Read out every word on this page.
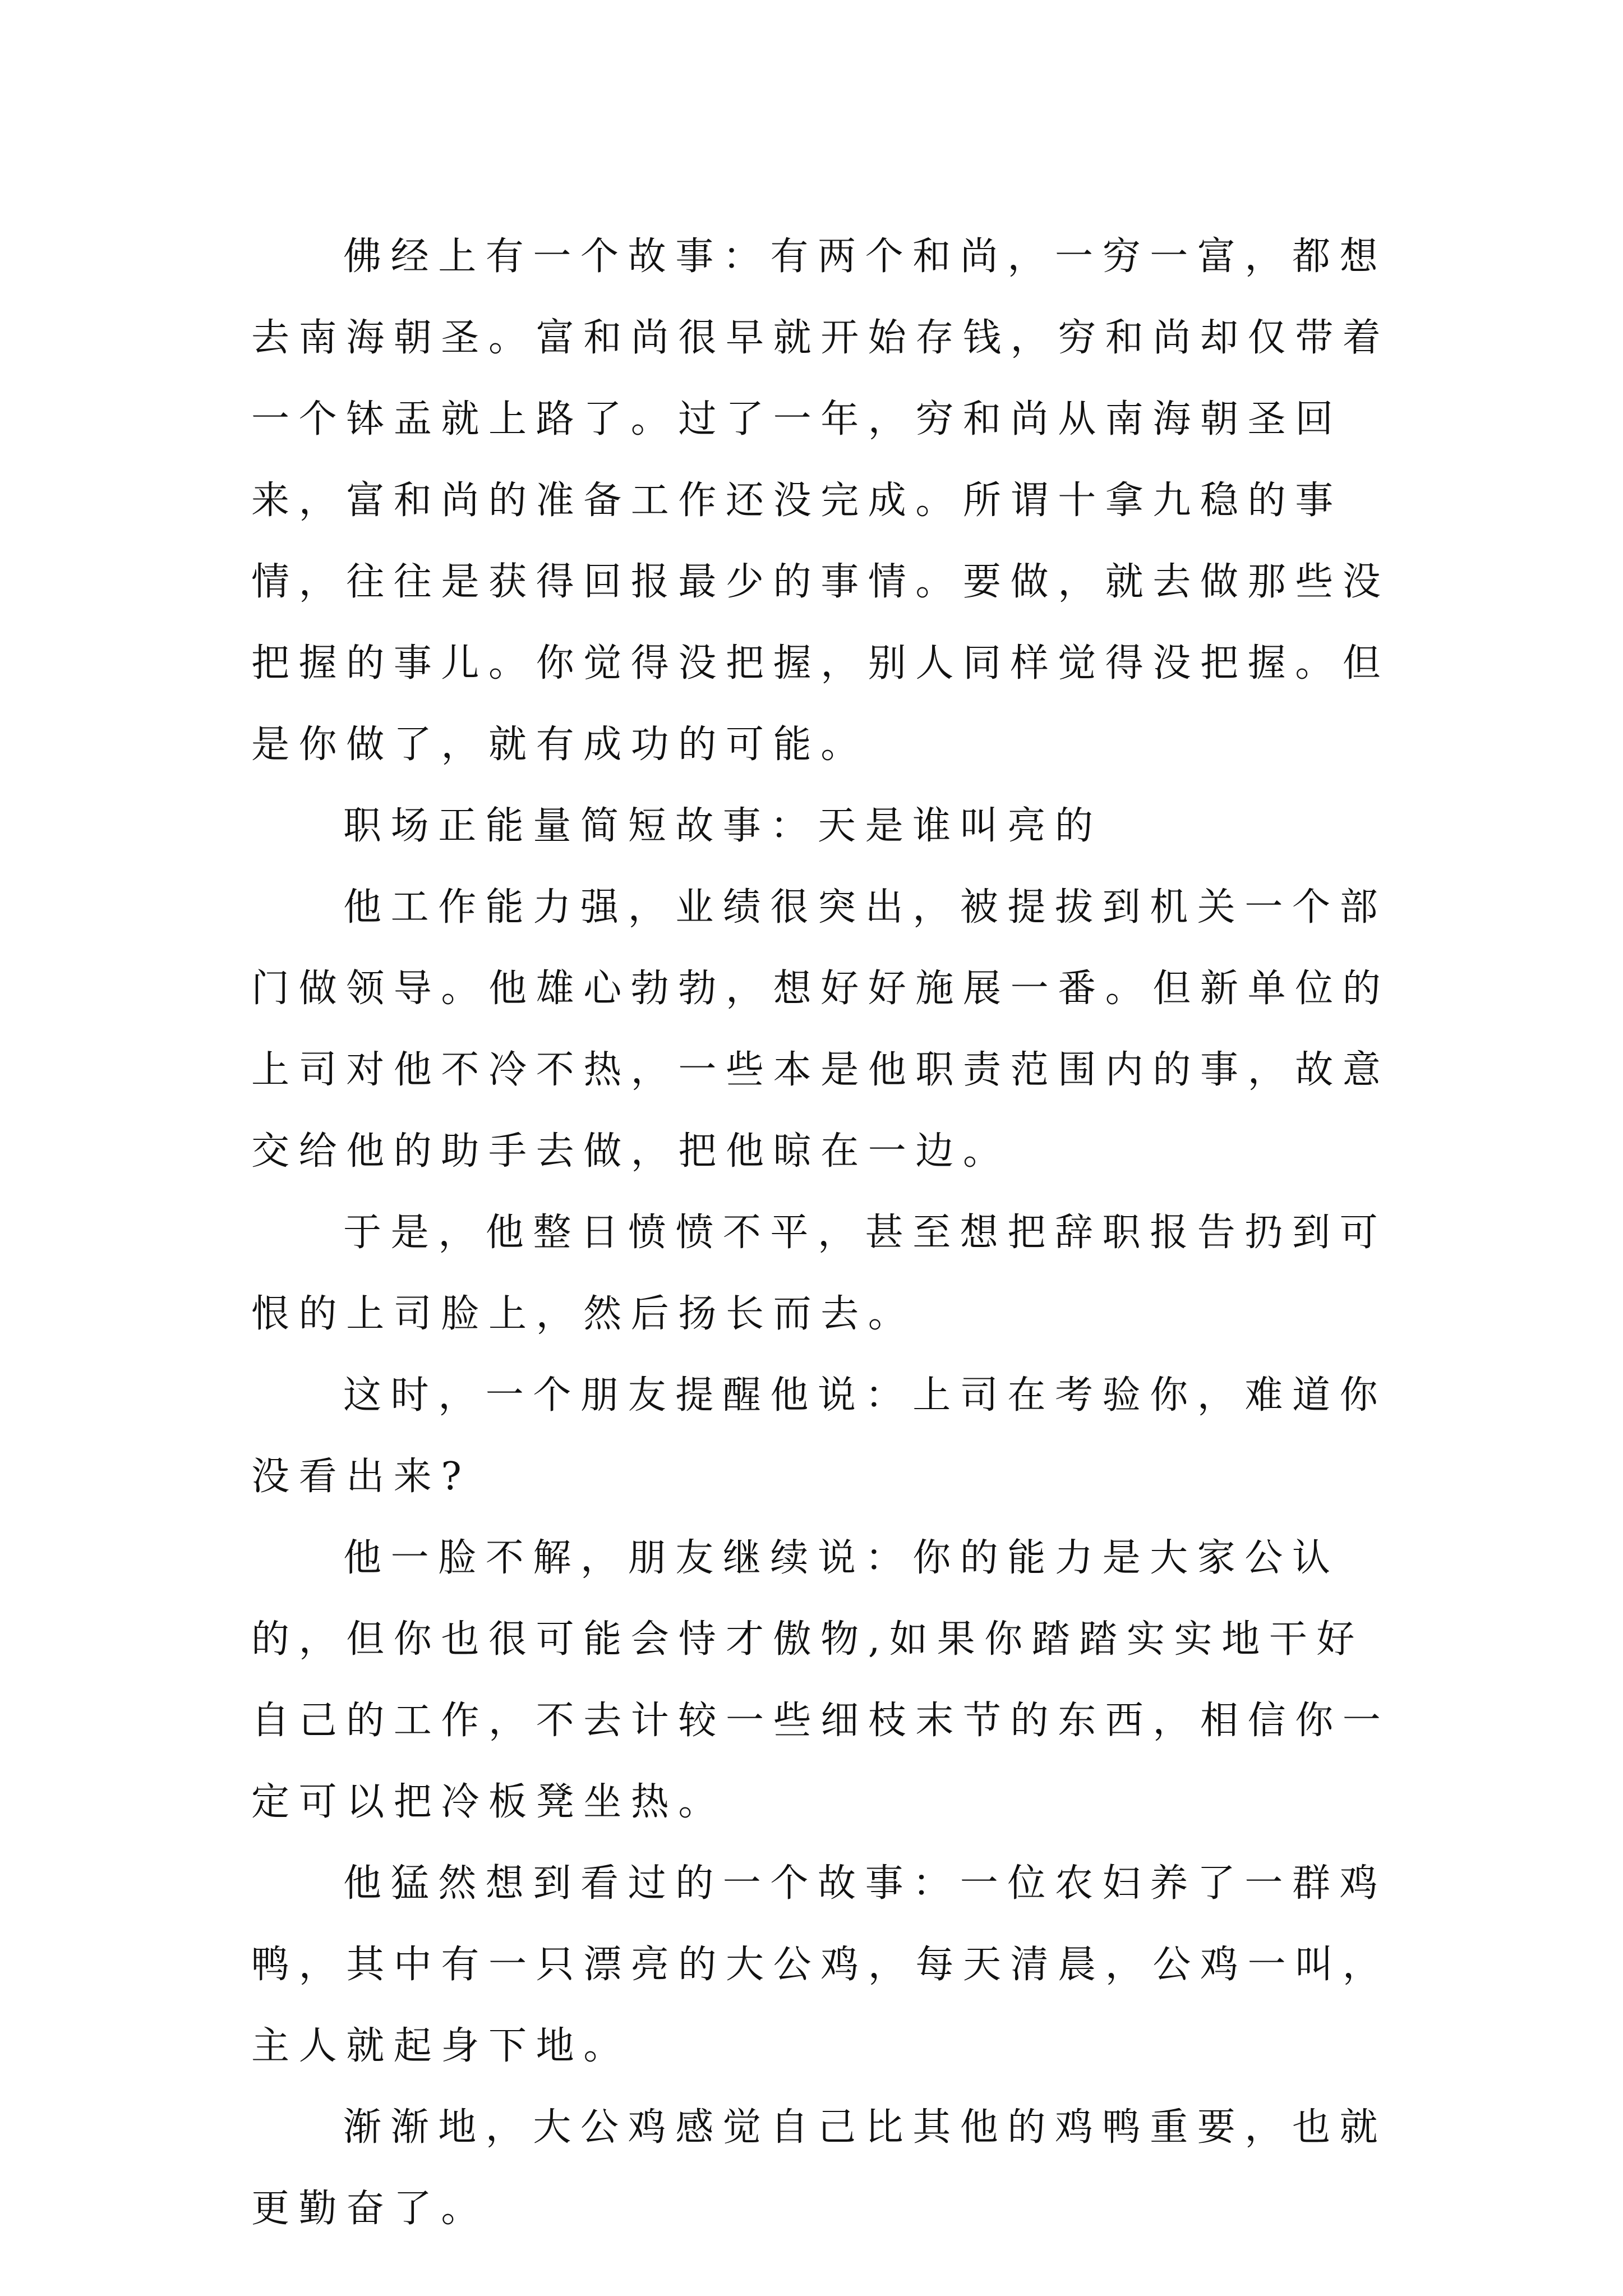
佛经上有一个故事：有两个和尚，一穷一富，都想去南海朝圣。富和尚很早就开始存钱，穷和尚却仅带着一个钵盂就上路了。过了一年，穷和尚从南海朝圣回来，富和尚的准备工作还没完成。所谓十拿九稳的事情，往往是获得回报最少的事情。要做，就去做那些没把握的事儿。你觉得没把握，别人同样觉得没把握。但是你做了，就有成功的可能。

职场正能量简短故事：天是谁叫亮的

他工作能力强，业绩很突出，被提拔到机关一个部门做领导。他雄心勃勃，想好好施展一番。但新单位的上司对他不冷不热，一些本是他职责范围内的事，故意交给他的助手去做，把他晾在一边。

于是，他整日愤愤不平，甚至想把辞职报告扔到可恨的上司脸上，然后扬长而去。

这时，一个朋友提醒他说：上司在考验你，难道你没看出来?

他一脸不解，朋友继续说：你的能力是大家公认的，但你也很可能会恃才傲物,如果你踏踏实实地干好自己的工作，不去计较一些细枝末节的东西，相信你一定可以把冷板凳坐热。

他猛然想到看过的一个故事：一位农妇养了一群鸡鸭，其中有一只漂亮的大公鸡，每天清晨，公鸡一叫，主人就起身下地。

渐渐地，大公鸡感觉自己比其他的鸡鸭重要，也就更勤奋了。
